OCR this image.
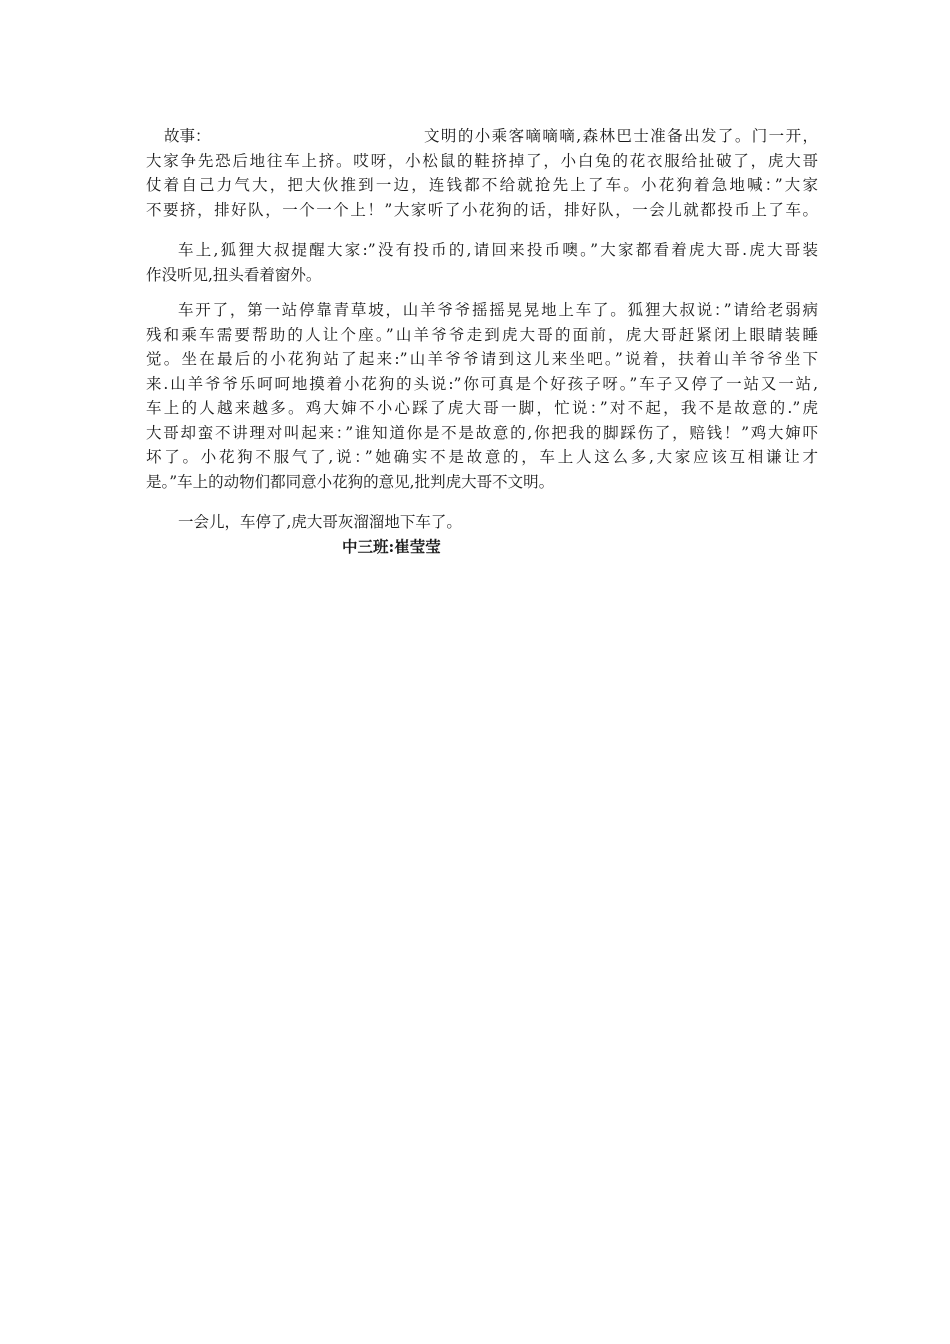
故事：	文明的小乘客嘀嘀嘀,森林巴士准备出发了。门一开，
大家争先恐后地往车上挤。哎呀，小松鼠的鞋挤掉了，小白兔的花衣服给扯破了，虎大哥
仗着自己力气大，把大伙推到一边，连钱都不给就抢先上了车。小花狗着急地喊：”大家
不要挤，排好队，一个一个上！”大家听了小花狗的话，排好队，一会儿就都投币上了车。
车上,狐狸大叔提醒大家:”没有投币的,请回来投币噢。”大家都看着虎大哥.虎大哥装
作没听见,扭头看着窗外。
车开了，第一站停靠青草坡，山羊爷爷摇摇晃晃地上车了。狐狸大叔说：”请给老弱病
残和乘车需要帮助的人让个座。”山羊爷爷走到虎大哥的面前，虎大哥赶紧闭上眼睛装睡
觉。坐在最后的小花狗站了起来:”山羊爷爷请到这儿来坐吧。”说着，扶着山羊爷爷坐下
来.山羊爷爷乐呵呵地摸着小花狗的头说:”你可真是个好孩子呀。”车子又停了一站又一站,
车上的人越来越多。鸡大婶不小心踩了虎大哥一脚，忙说：”对不起，我不是故意的.”虎
大哥却蛮不讲理对叫起来：”谁知道你是不是故意的,你把我的脚踩伤了，赔钱！”鸡大婶吓
坏了。小花狗不服气了,说：”她确实不是故意的，车上人这么多,大家应该互相谦让才
是。”车上的动物们都同意小花狗的意见,批判虎大哥不文明。
一会儿，车停了,虎大哥灰溜溜地下车了。
中三班:崔莹莹
